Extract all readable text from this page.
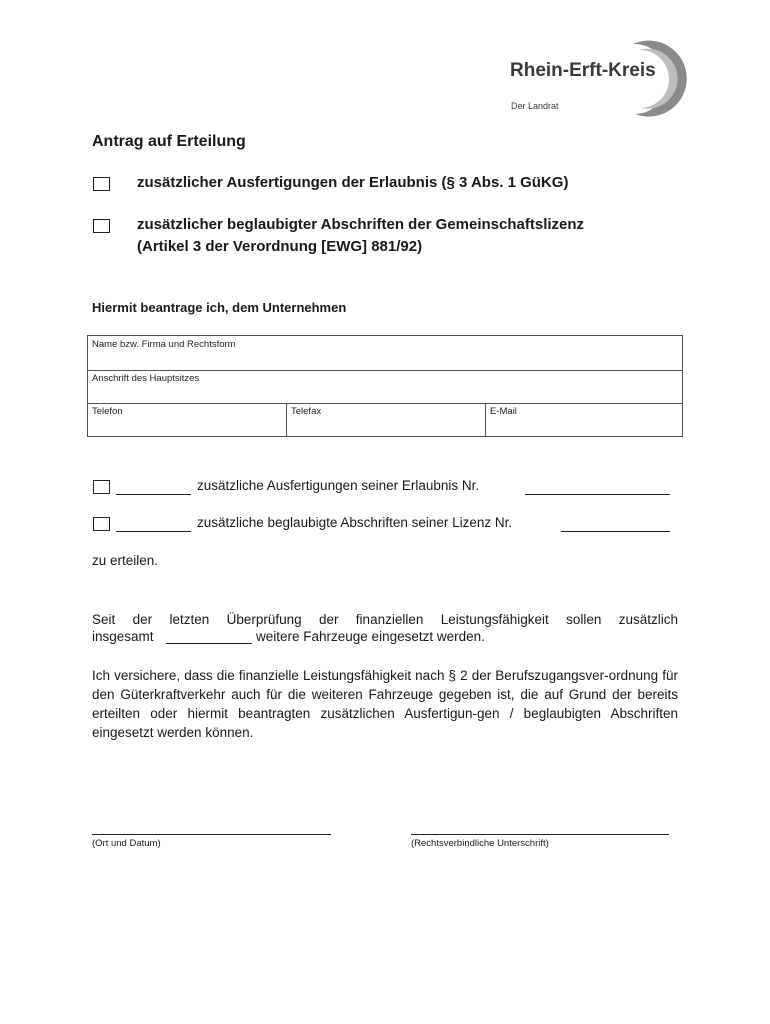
Rhein-Erft-Kreis
Der Landrat
Antrag auf Erteilung
zusätzlicher Ausfertigungen der Erlaubnis (§ 3 Abs. 1 GüKG)
zusätzlicher beglaubigter Abschriften der Gemeinschaftslizenz
(Artikel 3 der Verordnung [EWG] 881/92)
Hiermit beantrage ich, dem Unternehmen
Name bzw. Firma und Rechtsform
Anschrift des Hauptsitzes
Telefon	Telefax	E-Mail
zusätzliche Ausfertigungen seiner Erlaubnis Nr.
zusätzliche beglaubigte Abschriften seiner Lizenz Nr.
zu erteilen.
Seit der letzten Überprüfung der finanziellen Leistungsfähigkeit sollen zusätzlich
insgesamt	weitere Fahrzeuge eingesetzt werden.
Ich versichere, dass die finanzielle Leistungsfähigkeit nach § 2 der Berufszugangsver-ordnung für den Güterkraftverkehr auch für die weiteren Fahrzeuge gegeben ist, die auf Grund der bereits erteilten oder hiermit beantragten zusätzlichen Ausfertigun-gen / beglaubigten Abschriften eingesetzt werden können.
(Ort und Datum)	(Rechtsverbindliche Unterschrift)
